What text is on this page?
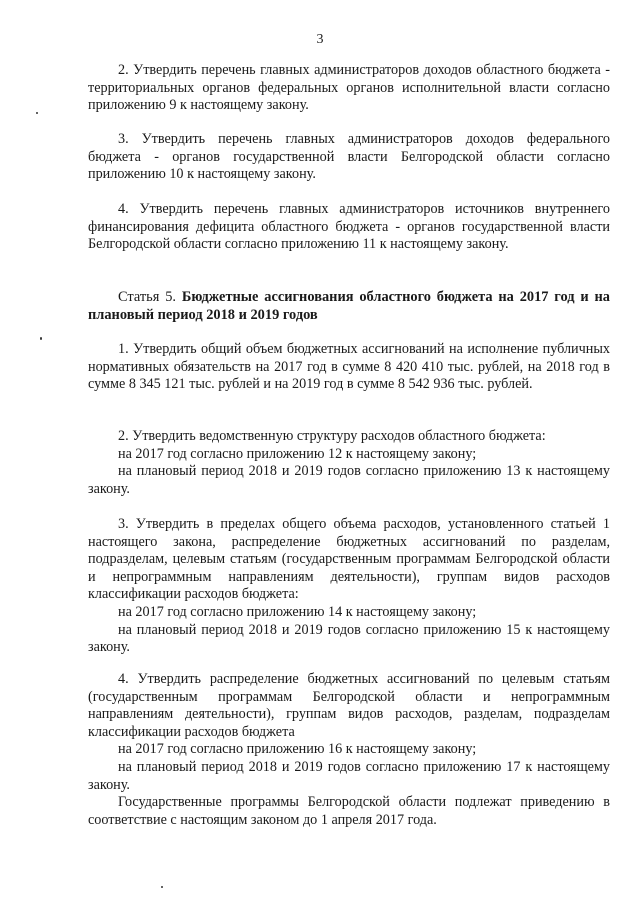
3
2. Утвердить перечень главных администраторов доходов областного бюджета - территориальных органов федеральных органов исполнительной власти согласно приложению 9 к настоящему закону.
3. Утвердить перечень главных администраторов доходов федерального бюджета - органов государственной власти Белгородской области согласно приложению 10 к настоящему закону.
4. Утвердить перечень главных администраторов источников внутреннего финансирования дефицита областного бюджета - органов государственной власти Белгородской области согласно приложению 11 к настоящему закону.
Статья 5. Бюджетные ассигнования областного бюджета на 2017 год и на плановый период 2018 и 2019 годов
1. Утвердить общий объем бюджетных ассигнований на исполнение публичных нормативных обязательств на 2017 год в сумме 8 420 410 тыс. рублей, на 2018 год в сумме 8 345 121 тыс. рублей и на 2019 год в сумме 8 542 936 тыс. рублей.
2. Утвердить ведомственную структуру расходов областного бюджета:
на 2017 год согласно приложению 12 к настоящему закону;
на плановый период 2018 и 2019 годов согласно приложению 13 к настоящему закону.
3. Утвердить в пределах общего объема расходов, установленного статьей 1 настоящего закона, распределение бюджетных ассигнований по разделам, подразделам, целевым статьям (государственным программам Белгородской области и непрограммным направлениям деятельности), группам видов расходов классификации расходов бюджета:
на 2017 год согласно приложению 14 к настоящему закону;
на плановый период 2018 и 2019 годов согласно приложению 15 к настоящему закону.
4. Утвердить распределение бюджетных ассигнований по целевым статьям (государственным программам Белгородской области и непрограммным направлениям деятельности), группам видов расходов, разделам, подразделам классификации расходов бюджета
на 2017 год согласно приложению 16 к настоящему закону;
на плановый период 2018 и 2019 годов согласно приложению 17 к настоящему закону.
Государственные программы Белгородской области подлежат приведению в соответствие с настоящим законом до 1 апреля 2017 года.
